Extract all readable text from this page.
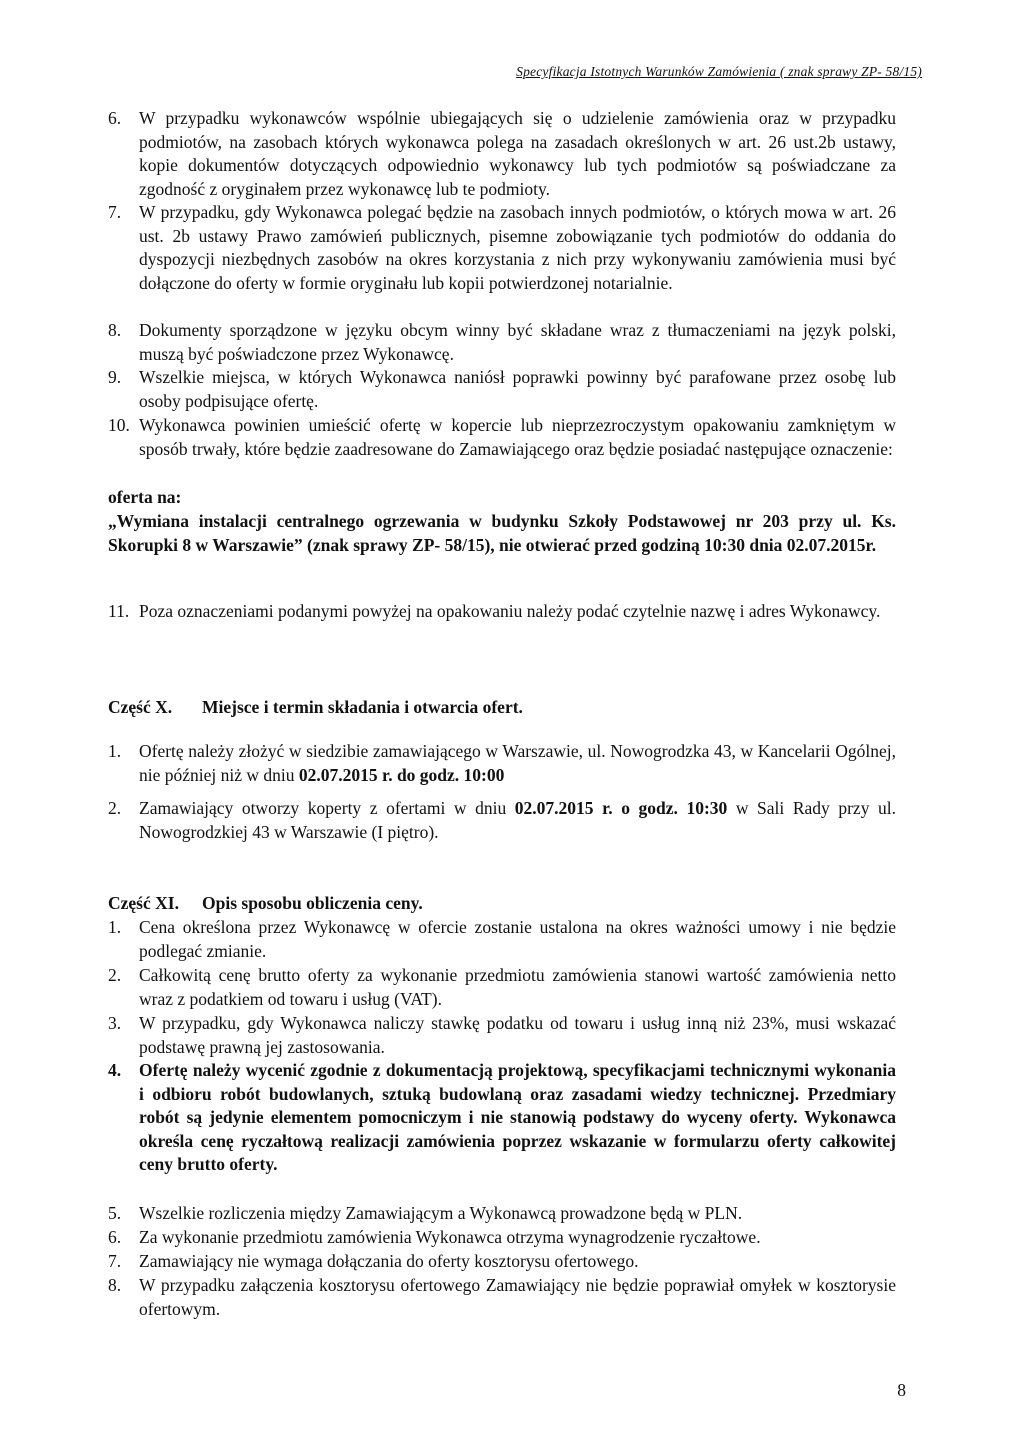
Specyfikacja Istotnych Warunków Zamówienia ( znak sprawy ZP- 58/15)
6. W przypadku wykonawców wspólnie ubiegających się o udzielenie zamówienia oraz w przypadku podmiotów, na zasobach których wykonawca polega na zasadach określonych w art. 26 ust.2b ustawy, kopie dokumentów dotyczących odpowiednio wykonawcy lub tych podmiotów są poświadczane za zgodność z oryginałem przez wykonawcę lub te podmioty.
7. W przypadku, gdy Wykonawca polegać będzie na zasobach innych podmiotów, o których mowa w art. 26 ust. 2b ustawy Prawo zamówień publicznych, pisemne zobowiązanie tych podmiotów do oddania do dyspozycji niezbędnych zasobów na okres korzystania z nich przy wykonywaniu zamówienia musi być dołączone do oferty w formie oryginału lub kopii potwierdzonej notarialnie.
8. Dokumenty sporządzone w języku obcym winny być składane wraz z tłumaczeniami na język polski, muszą być poświadczone przez Wykonawcę.
9. Wszelkie miejsca, w których Wykonawca naniósł poprawki powinny być parafowane przez osobę lub osoby podpisujące ofertę.
10. Wykonawca powinien umieścić ofertę w kopercie lub nieprzezroczystym opakowaniu zamkniętym w sposób trwały, które będzie zaadresowane do Zamawiającego oraz będzie posiadać następujące oznaczenie:
oferta na:
„Wymiana instalacji centralnego ogrzewania w budynku Szkoły Podstawowej nr 203 przy ul. Ks. Skorupki 8 w Warszawie” (znak sprawy ZP- 58/15), nie otwierać przed godziną 10:30 dnia 02.07.2015r.
11. Poza oznaczeniami podanymi powyżej na opakowaniu należy podać czytelnie nazwę i adres Wykonawcy.
Część X. Miejsce i termin składania i otwarcia ofert.
1. Ofertę należy złożyć w siedzibie zamawiającego w Warszawie, ul. Nowogrodzka 43, w Kancelarii Ogólnej, nie później niż w dniu 02.07.2015 r. do godz. 10:00
2. Zamawiający otworzy koperty z ofertami w dniu 02.07.2015 r. o godz. 10:30 w Sali Rady przy ul. Nowogrodzkiej 43 w Warszawie (I piętro).
Część XI. Opis sposobu obliczenia ceny.
1. Cena określona przez Wykonawcę w ofercie zostanie ustalona na okres ważności umowy i nie będzie podlegać zmianie.
2. Całkowitą cenę brutto oferty za wykonanie przedmiotu zamówienia stanowi wartość zamówienia netto wraz z podatkiem od towaru i usług (VAT).
3. W przypadku, gdy Wykonawca naliczy stawkę podatku od towaru i usług inną niż 23%, musi wskazać podstawę prawną jej zastosowania.
4. Ofertę należy wycenić zgodnie z dokumentacją projektową, specyfikacjami technicznymi wykonania i odbioru robót budowlanych, sztuką budowlaną oraz zasadami wiedzy technicznej. Przedmiary robót są jedynie elementem pomocniczym i nie stanowią podstawy do wyceny oferty. Wykonawca określa cenę ryczałtową realizacji zamówienia poprzez wskazanie w formularzu oferty całkowitej ceny brutto oferty.
5. Wszelkie rozliczenia między Zamawiającym a Wykonawcą prowadzone będą w PLN.
6. Za wykonanie przedmiotu zamówienia Wykonawca otrzyma wynagrodzenie ryczałtowe.
7. Zamawiający nie wymaga dołączania do oferty kosztorysu ofertowego.
8. W przypadku załączenia kosztorysu ofertowego Zamawiający nie będzie poprawiał omyłek w kosztorysie ofertowym.
8
